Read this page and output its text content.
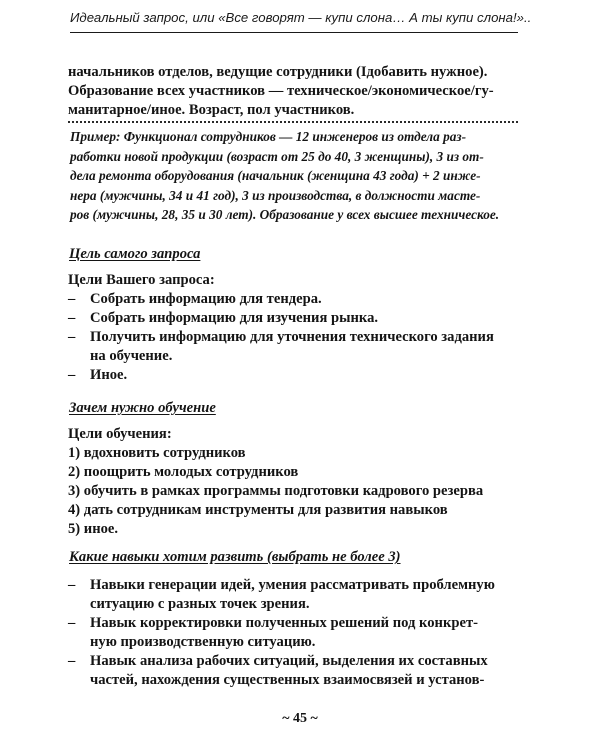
Идеальный запрос, или «Все говорят — купи слона… А ты купи слона!»..
начальников отделов, ведущие сотрудники (Iдобавить нужное).
Образование всех участников — техническое/экономическое/гу-
манитарное/иное. Возраст, пол участников.
Пример: Функционал сотрудников — 12 инженеров из отдела раз-
работки новой продукции (возраст от 25 до 40, 3 женщины), 3 из от-
дела ремонта оборудования (начальник (женщина 43 года) + 2 инже-
нера (мужчины, 34 и 41 год), 3 из производства, в должности масте-
ров (мужчины, 28, 35 и 30 лет). Образование у всех высшее техническое.
Цель самого запроса
Цели Вашего запроса:
– Собрать информацию для тендера.
– Собрать информацию для изучения рынка.
– Получить информацию для уточнения технического задания
на обучение.
– Иное.
Зачем нужно обучение
Цели обучения:
1) вдохновить сотрудников
2) поощрить молодых сотрудников
3) обучить в рамках программы подготовки кадрового резерва
4) дать сотрудникам инструменты для развития навыков
5) иное.
Какие навыки хотим развить (выбрать не более 3)
– Навыки генерации идей, умения рассматривать проблемную
ситуацию с разных точек зрения.
– Навык корректировки полученных решений под конкрет-
ную производственную ситуацию.
– Навык анализа рабочих ситуаций, выделения их составных
частей, нахождения существенных взаимосвязей и установ-
~ 45 ~
